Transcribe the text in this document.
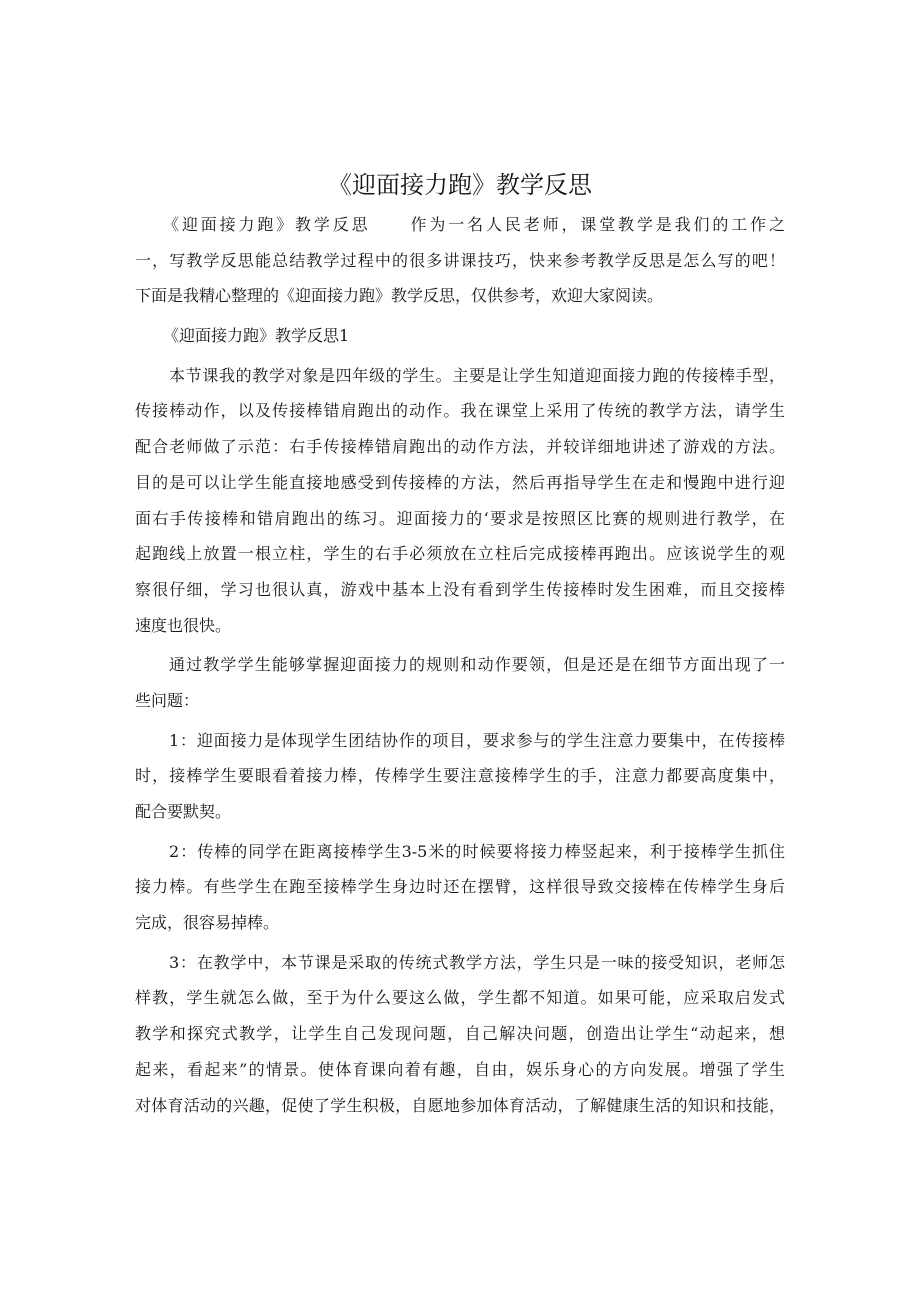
《迎面接力跑》教学反思
《迎面接力跑》教学反思	作为一名人民老师，课堂教学是我们的工作之
一，写教学反思能总结教学过程中的很多讲课技巧，快来参考教学反思是怎么写的吧！
下面是我精心整理的《迎面接力跑》教学反思，仅供参考，欢迎大家阅读。
《迎面接力跑》教学反思1
本节课我的教学对象是四年级的学生。主要是让学生知道迎面接力跑的传接棒手型，
传接棒动作，以及传接棒错肩跑出的动作。我在课堂上采用了传统的教学方法，请学生
配合老师做了示范：右手传接棒错肩跑出的动作方法，并较详细地讲述了游戏的方法。
目的是可以让学生能直接地感受到传接棒的方法，然后再指导学生在走和慢跑中进行迎
面右手传接棒和错肩跑出的练习。迎面接力的‘要求是按照区比赛的规则进行教学，在
起跑线上放置一根立柱，学生的右手必须放在立柱后完成接棒再跑出。应该说学生的观
察很仔细，学习也很认真，游戏中基本上没有看到学生传接棒时发生困难，而且交接棒
速度也很快。
通过教学学生能够掌握迎面接力的规则和动作要领，但是还是在细节方面出现了一
些问题：
1：迎面接力是体现学生团结协作的项目，要求参与的学生注意力要集中，在传接棒
时，接棒学生要眼看着接力棒，传棒学生要注意接棒学生的手，注意力都要高度集中，
配合要默契。
2：传棒的同学在距离接棒学生3-5米的时候要将接力棒竖起来，利于接棒学生抓住
接力棒。有些学生在跑至接棒学生身边时还在摆臂，这样很导致交接棒在传棒学生身后
完成，很容易掉棒。
3：在教学中，本节课是采取的传统式教学方法，学生只是一味的接受知识，老师怎
样教，学生就怎么做，至于为什么要这么做，学生都不知道。如果可能，应采取启发式
教学和探究式教学，让学生自己发现问题，自己解决问题，创造出让学生“动起来，想
起来，看起来”的情景。使体育课向着有趣，自由，娱乐身心的方向发展。增强了学生
对体育活动的兴趣，促使了学生积极，自愿地参加体育活动，了解健康生活的知识和技能，
